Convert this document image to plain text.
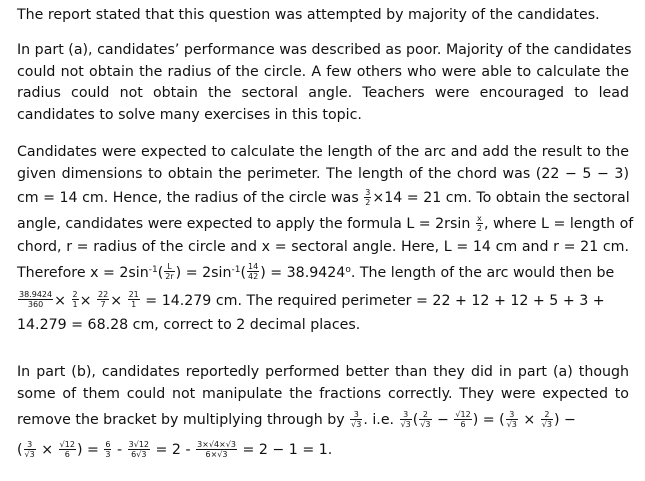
The report stated that this question was attempted by majority of the candidates.
In part (a), candidates’ performance was described as poor. Majority of the candidates
could not obtain the radius of the circle. A few others who were able to calculate the
radius could not obtain the sectoral angle. Teachers were encouraged to lead
candidates to solve many exercises in this topic.
Candidates were expected to calculate the length of the arc and add the result to the
given dimensions to obtain the perimeter. The length of the chord was (22 − 5 − 3)
cm = 14 cm. Hence, the radius of the circle was $\frac{3}{2} \times 14 = 21$ cm. To obtain the sectoral
angle, candidates were expected to apply the formula $L = 2rsin \frac{x}{2}$ , where L = length of
chord, r = radius of the circle and x = sectoral angle. Here, L = 14 cm and r = 21 cm.
Therefore $x = 2\sin^{-1}( \frac{L}{2r}$ ) = $2\sin^{-1}( \frac{14}{42}$ ) = $38.9424^o$. The length of the arc would then be
$\frac{38.9424}{360} \times \frac{2}{1} \times \frac{22}{7} \times \frac{21}{1} = 14.279$ cm. The required perimeter = 22 + 12 + 12 + 5 + 3 +
14.279 = 68.28 cm, correct to 2 decimal places.
In part (b), candidates reportedly performed better than they did in part (a) though
some of them could not manipulate the fractions correctly. They were expected to
remove the bracket by multiplying through by $\frac{3}{√3}$ . i.e. $\frac{3}{√3}$ ( $\frac{2}{√3} - \frac{√12}{6}$ ) = ( $\frac{3}{√3} \times \frac{2}{√3}$ ) −
( $\frac{3}{√3} \times \frac{√12}{6}$ ) = $\frac{6}{3} - \frac{3√12}{6√3} = 2 - \frac{3\times√4\times√3}{6\times√3} = 2 - 1 = 1$.
